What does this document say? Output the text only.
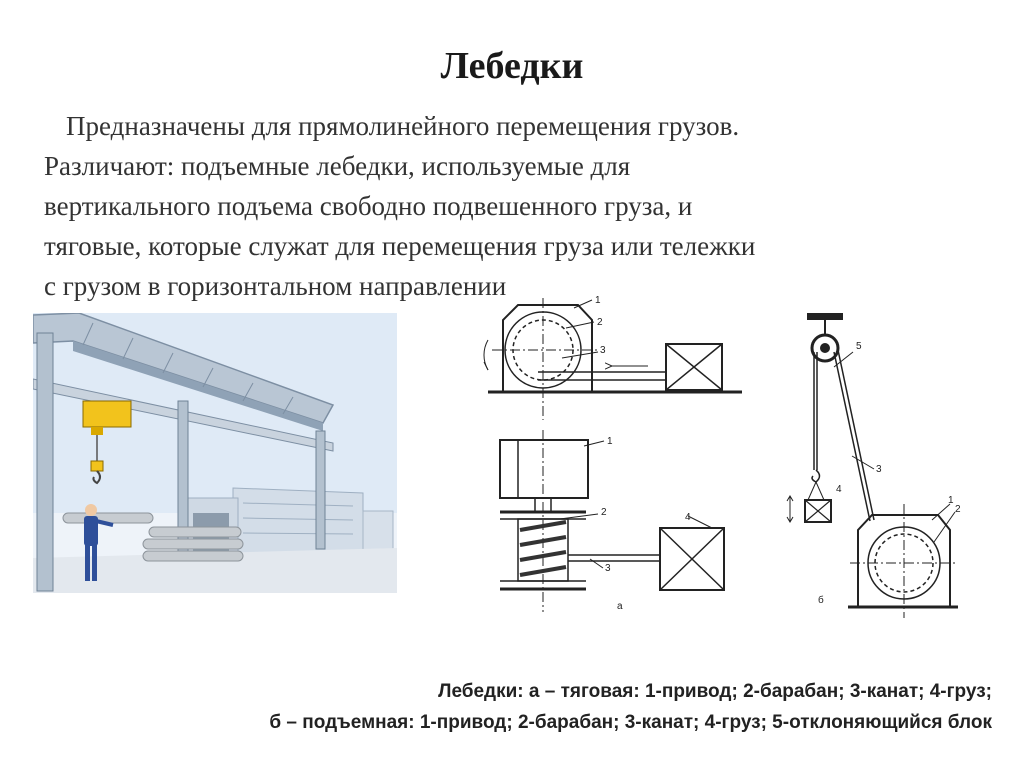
Лебедки
Предназначены для прямолинейного перемещения грузов.
Различают: подъемные лебедки, используемые для
вертикального подъема свободно подвешенного груза, и
тяговые, которые служат для перемещения груза или тележки
с грузом в горизонтальном направлении	1
2
3
1
2
3
4
а
5
3
4
1
2
б
Лебедки: а – тяговая: 1-привод; 2-барабан; 3-канат; 4-груз;
б – подъемная: 1-привод; 2-барабан; 3-канат; 4-груз; 5-отклоняющийся блок
